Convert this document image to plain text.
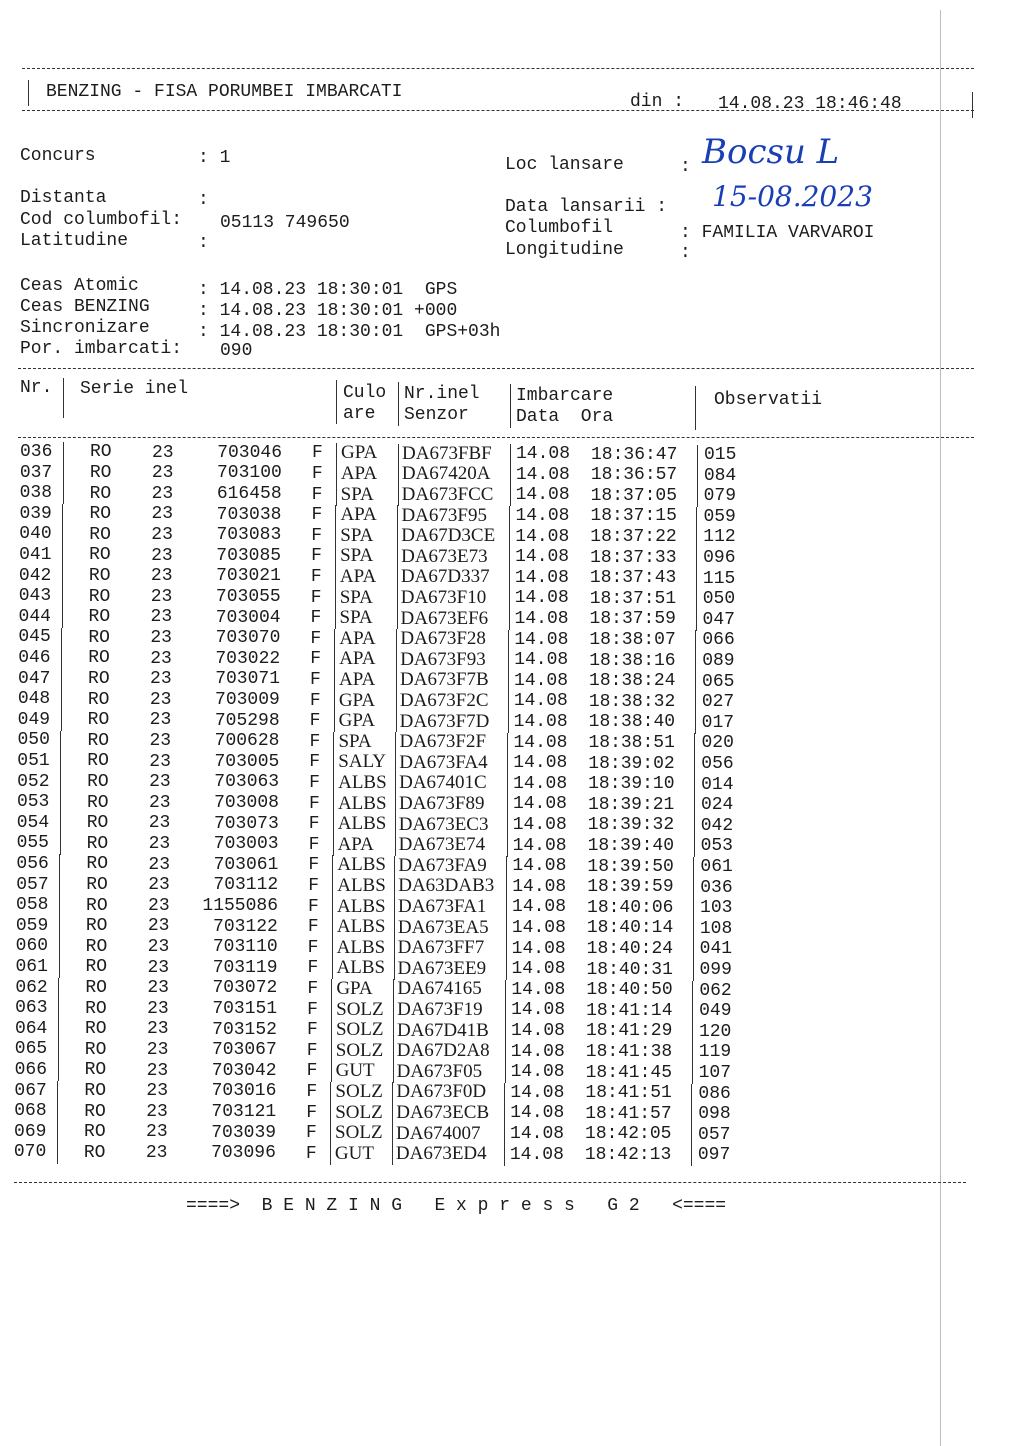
BENZING - FISA PORUMBEI IMBARCATI	din : 14.08.23 18:46:48
Concurs	: 1
Distanta	:
Cod columbofil: 05113 749650
Latitudine	:
Loc lansare	: Bocsu L
Data lansarii : 15-08.2023
Columbofil	: FAMILIA VARVAROI
Longitudine	:
Ceas Atomic	: 14.08.23 18:30:01  GPS
Ceas BENZING	: 14.08.23 18:30:01 +000
Sincronizare	: 14.08.23 18:30:01  GPS+03h
Por. imbarcati: 090
Nr. Serie inel	Culo
are
Nr.inel
Senzor
Imbarcare
Data  Ora
Observatii
036	RO	23	703046 F GPA	DA673FBF	14.08	18:36:47	015
037	RO	23	703100 F APA	DA67420A	14.08	18:36:57	084
038	RO	23	616458 F SPA	DA673FCC	14.08	18:37:05	079
039	RO	23	703038 F APA	DA673F95	14.08	18:37:15	059
040	RO	23	703083 F SPA	DA67D3CE	14.08	18:37:22	112
041	RO	23	703085 F SPA	DA673E73	14.08	18:37:33	096
042	RO	23	703021 F APA	DA67D337	14.08	18:37:43	115
043	RO	23	703055 F SPA	DA673F10	14.08	18:37:51	050
044	RO	23	703004 F SPA	DA673EF6	14.08	18:37:59	047
045	RO	23	703070 F APA	DA673F28	14.08	18:38:07	066
046	RO	23	703022 F APA	DA673F93	14.08	18:38:16	089
047	RO	23	703071 F APA	DA673F7B	14.08	18:38:24	065
048	RO	23	703009 F GPA	DA673F2C	14.08	18:38:32	027
049	RO	23	705298 F GPA	DA673F7D	14.08	18:38:40	017
050	RO	23	700628 F SPA	DA673F2F	14.08	18:38:51	020
051	RO	23	703005 F SALY DA673FA4	14.08	18:39:02	056
052	RO	23	703063 F ALBS DA67401C	14.08	18:39:10	014
053	RO	23	703008 F ALBS DA673F89	14.08	18:39:21	024
054	RO	23	703073 F ALBS DA673EC3	14.08	18:39:32	042
055	RO	23	703003 F APA	DA673E74	14.08	18:39:40	053
056	RO	23	703061 F ALBS DA673FA9	14.08	18:39:50	061
057	RO	23	703112 F ALBS DA63DAB3 14.08	18:39:59	036
058	RO	23	1155086 F ALBS DA673FA1	14.08	18:40:06	103
059	RO	23	703122 F ALBS DA673EA5	14.08	18:40:14	108
060	RO	23	703110 F ALBS DA673FF7	14.08	18:40:24	041
061	RO	23	703119 F ALBS DA673EE9	14.08	18:40:31	099
062	RO	23	703072 F GPA	DA674165	14.08	18:40:50	062
063	RO	23	703151 F SOLZ DA673F19	14.08	18:41:14	049
064	RO	23	703152 F SOLZ DA67D41B	14.08	18:41:29	120
065	RO	23	703067 F SOLZ DA67D2A8	14.08	18:41:38	119
066	RO	23	703042 F GUT	DA673F05	14.08	18:41:45	107
067	RO	23	703016 F SOLZ DA673F0D	14.08	18:41:51	086
068	RO	23	703121 F SOLZ DA673ECB	14.08	18:41:57	098
069	RO	23	703039 F SOLZ DA674007	14.08	18:42:05	057
070	RO	23	703096 F GUT	DA673ED4	14.08	18:42:13	097
====>  B E N Z I N G   E x p r e s s   G 2   <====
